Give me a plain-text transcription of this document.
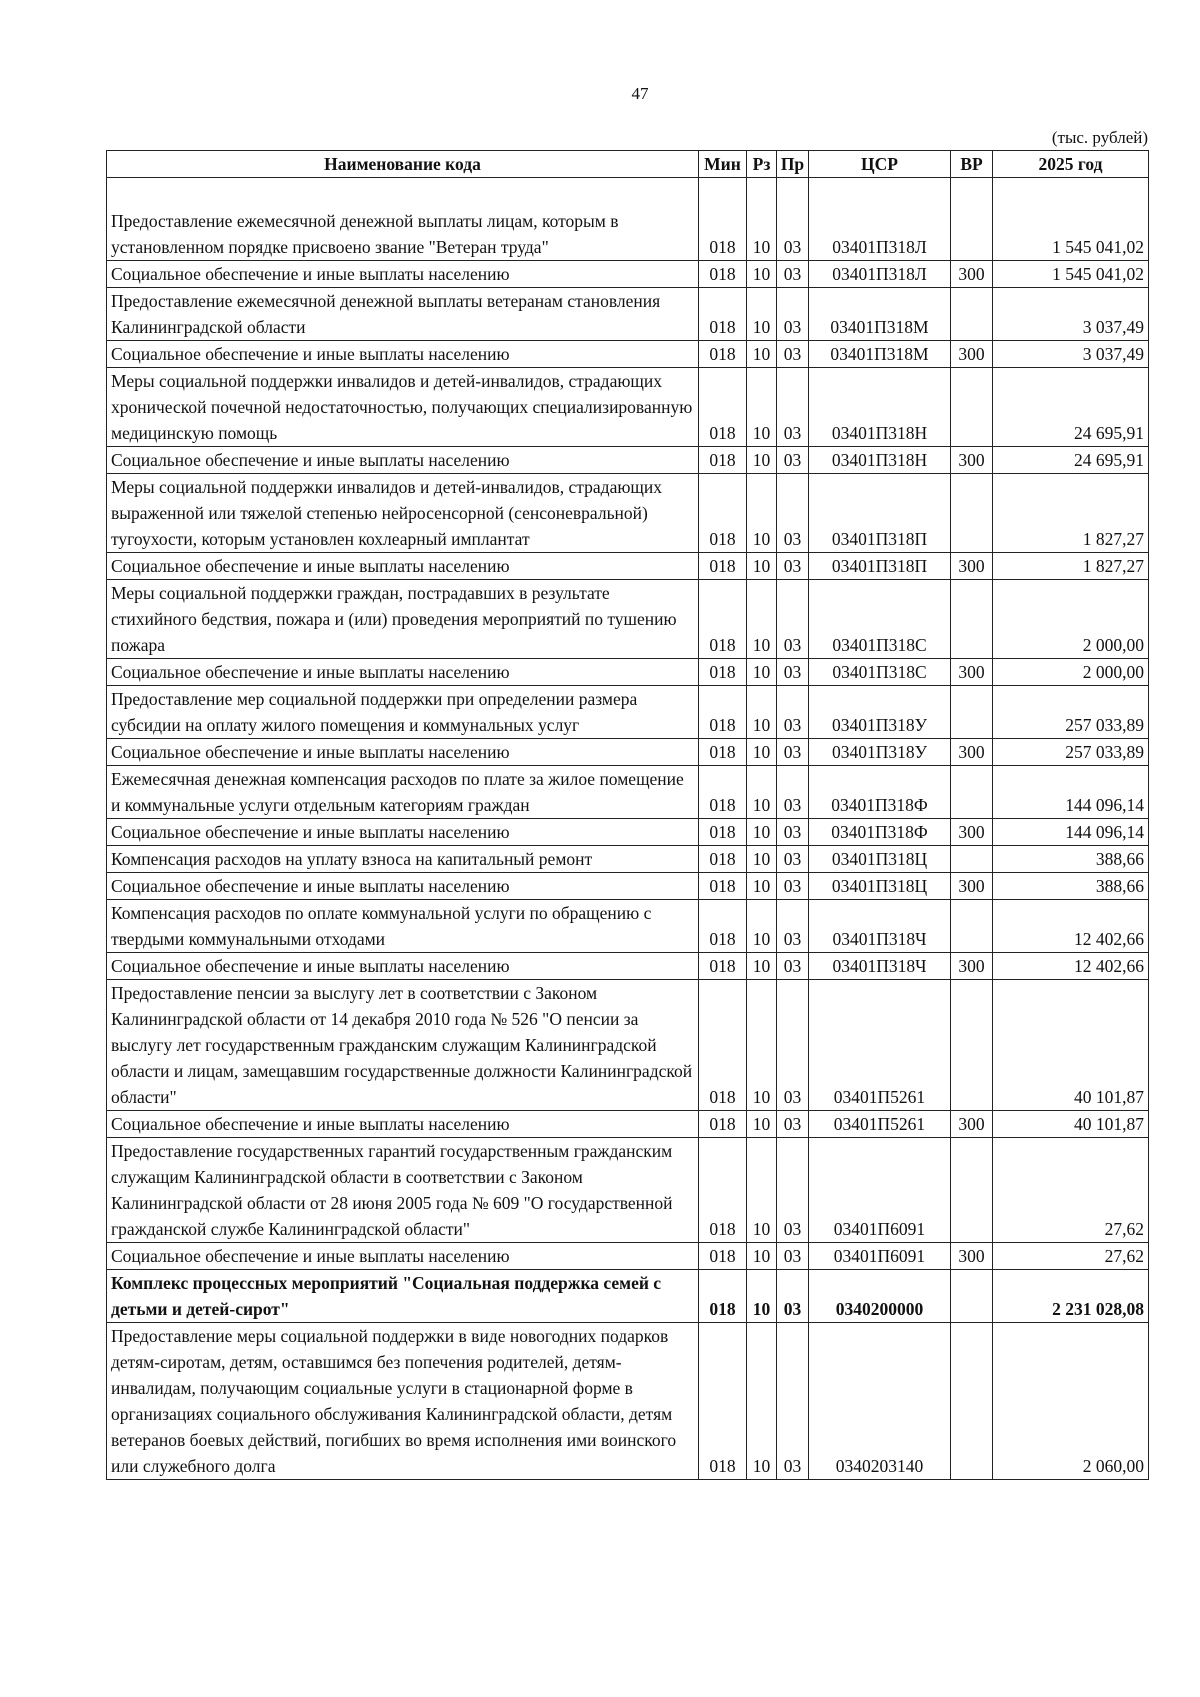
47
(тыс. рублей)
Наименование кода	Мин	Рз	Пр	ЦСР	ВР	2025 год
Предоставление ежемесячной денежной выплаты лицам, которым в установленном порядке присвоено звание "Ветеран труда"	018	10	03	03401П318Л		1 545 041,02
Социальное обеспечение и иные выплаты населению	018	10	03	03401П318Л	300	1 545 041,02
Предоставление ежемесячной денежной выплаты ветеранам становления Калининградской области	018	10	03	03401П318М		3 037,49
Социальное обеспечение и иные выплаты населению	018	10	03	03401П318М	300	3 037,49
Меры социальной поддержки инвалидов и детей-инвалидов, страдающих хронической почечной недостаточностью, получающих специализированную медицинскую помощь	018	10	03	03401П318Н		24 695,91
Социальное обеспечение и иные выплаты населению	018	10	03	03401П318Н	300	24 695,91
Меры социальной поддержки инвалидов и детей-инвалидов, страдающих выраженной или тяжелой степенью нейросенсорной (сенсоневральной) тугоухости, которым установлен кохлеарный имплантат	018	10	03	03401П318П		1 827,27
Социальное обеспечение и иные выплаты населению	018	10	03	03401П318П	300	1 827,27
Меры социальной поддержки граждан, пострадавших в результате стихийного бедствия, пожара и (или) проведения мероприятий по тушению пожара	018	10	03	03401П318С		2 000,00
Социальное обеспечение и иные выплаты населению	018	10	03	03401П318С	300	2 000,00
Предоставление мер социальной поддержки при определении размера субсидии на оплату жилого помещения и коммунальных услуг	018	10	03	03401П318У		257 033,89
Социальное обеспечение и иные выплаты населению	018	10	03	03401П318У	300	257 033,89
Ежемесячная денежная компенсация расходов по плате за жилое помещение и коммунальные услуги отдельным категориям граждан	018	10	03	03401П318Ф		144 096,14
Социальное обеспечение и иные выплаты населению	018	10	03	03401П318Ф	300	144 096,14
Компенсация расходов на уплату взноса на капитальный ремонт	018	10	03	03401П318Ц		388,66
Социальное обеспечение и иные выплаты населению	018	10	03	03401П318Ц	300	388,66
Компенсация расходов по оплате коммунальной услуги по обращению с твердыми коммунальными отходами	018	10	03	03401П318Ч		12 402,66
Социальное обеспечение и иные выплаты населению	018	10	03	03401П318Ч	300	12 402,66
Предоставление пенсии за выслугу лет в соответствии с Законом Калининградской области от 14 декабря 2010 года № 526 "О пенсии за выслугу лет государственным гражданским служащим Калининградской области и лицам, замещавшим государственные должности Калининградской области"	018	10	03	03401П5261		40 101,87
Социальное обеспечение и иные выплаты населению	018	10	03	03401П5261	300	40 101,87
Предоставление государственных гарантий государственным гражданским служащим Калининградской области в соответствии с Законом Калининградской области от 28 июня 2005 года № 609 "О государственной гражданской службе Калининградской области"	018	10	03	03401П6091		27,62
Социальное обеспечение и иные выплаты населению	018	10	03	03401П6091	300	27,62
Комплекс процессных мероприятий "Социальная поддержка семей с детьми и детей-сирот"	018	10	03	0340200000		2 231 028,08
Предоставление меры социальной поддержки в виде новогодних подарков детям-сиротам, детям, оставшимся без попечения родителей, детям-инвалидам, получающим социальные услуги в стационарной форме в организациях социального обслуживания Калининградской области, детям ветеранов боевых действий, погибших во время исполнения ими воинского или служебного долга	018	10	03	0340203140		2 060,00
